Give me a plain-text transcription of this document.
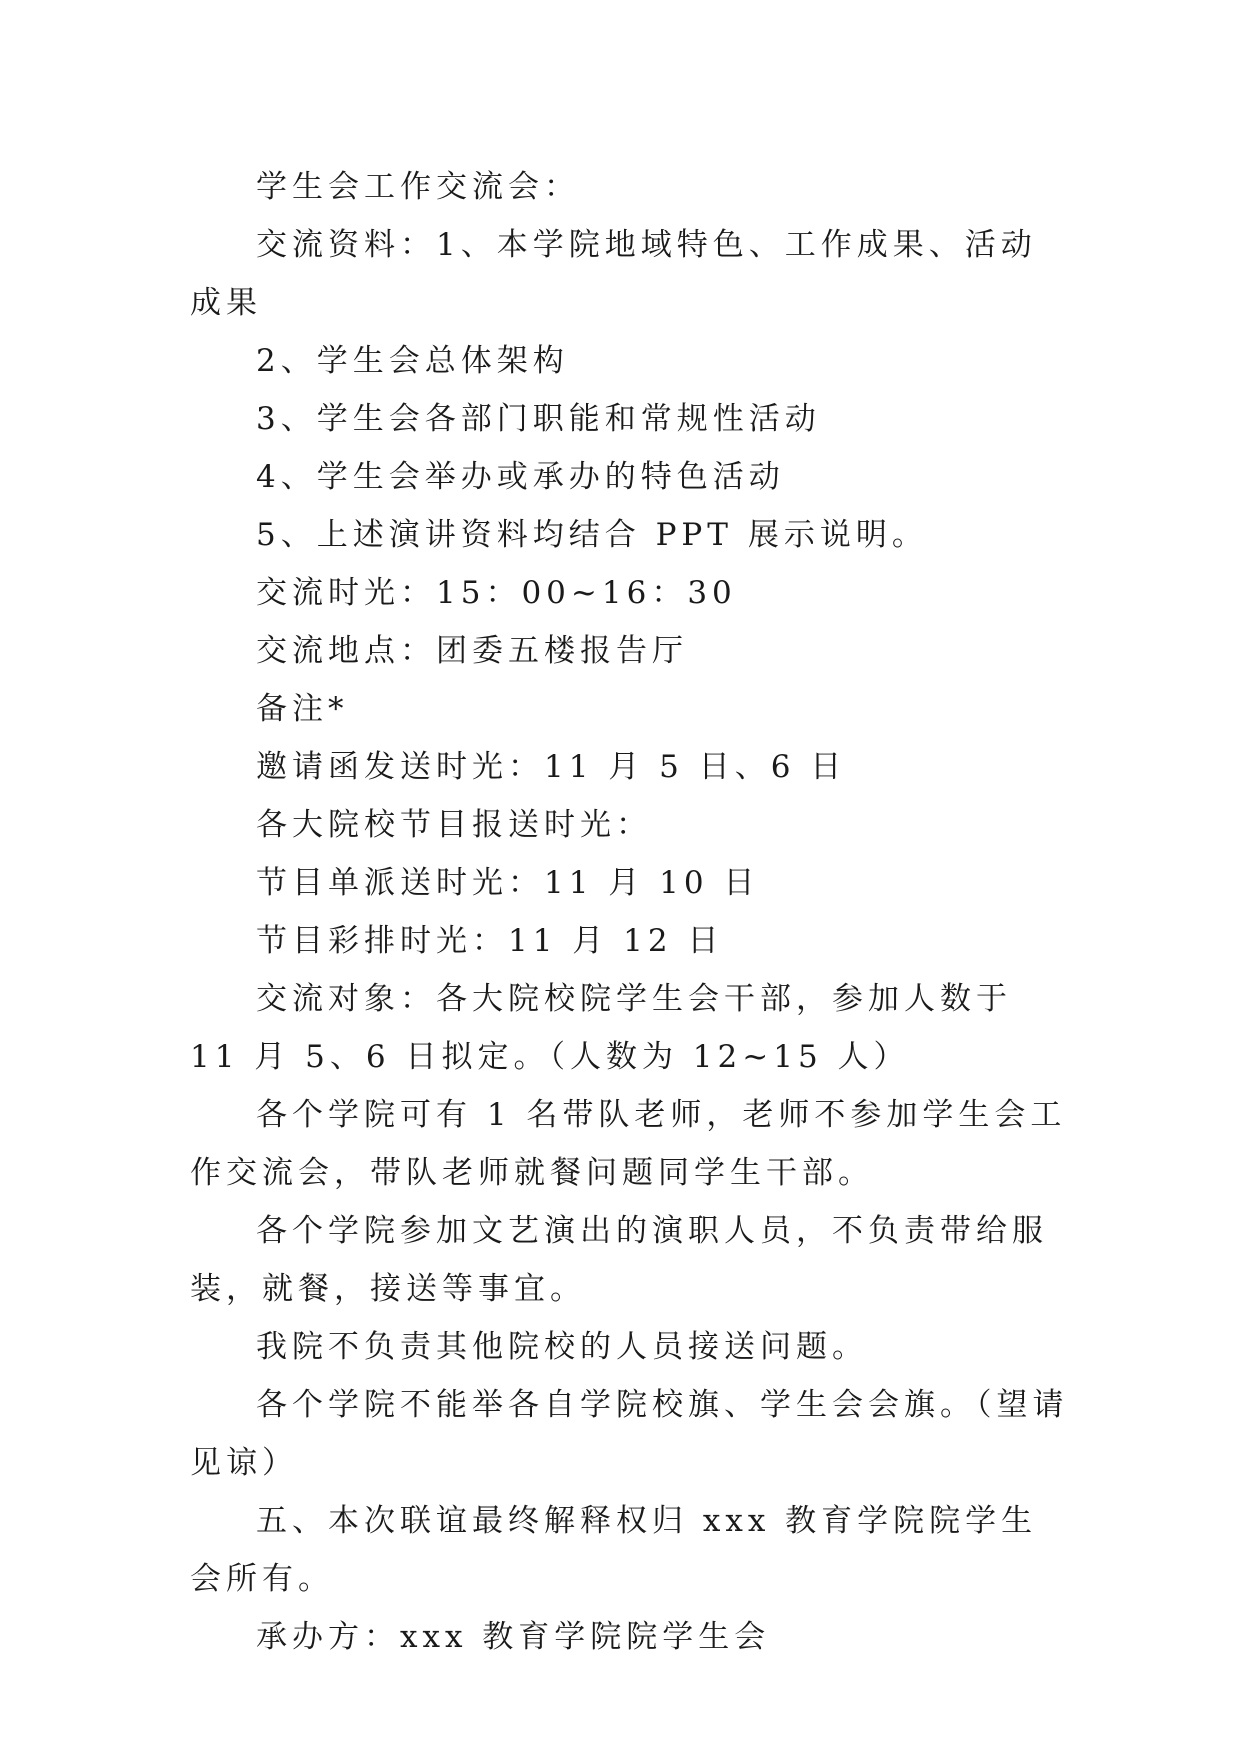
学生会工作交流会：

交流资料：1、本学院地域特色、工作成果、活动成果

2、学生会总体架构

3、学生会各部门职能和常规性活动

4、学生会举办或承办的特色活动

5、上述演讲资料均结合 PPT 展示说明。

交流时光：15：00~16：30

交流地点：团委五楼报告厅

备注*

邀请函发送时光：11 月 5 日、6 日

各大院校节目报送时光：

节目单派送时光：11 月 10 日

节目彩排时光：11 月 12 日

交流对象：各大院校院学生会干部，参加人数于 11 月 5、6 日拟定。（人数为 12~15 人）

各个学院可有 1 名带队老师，老师不参加学生会工作交流会，带队老师就餐问题同学生干部。

各个学院参加文艺演出的演职人员，不负责带给服装，就餐，接送等事宜。

我院不负责其他院校的人员接送问题。

各个学院不能举各自学院校旗、学生会会旗。（望请见谅）

五、本次联谊最终解释权归 xxx 教育学院院学生会所有。

承办方：xxx 教育学院院学生会
